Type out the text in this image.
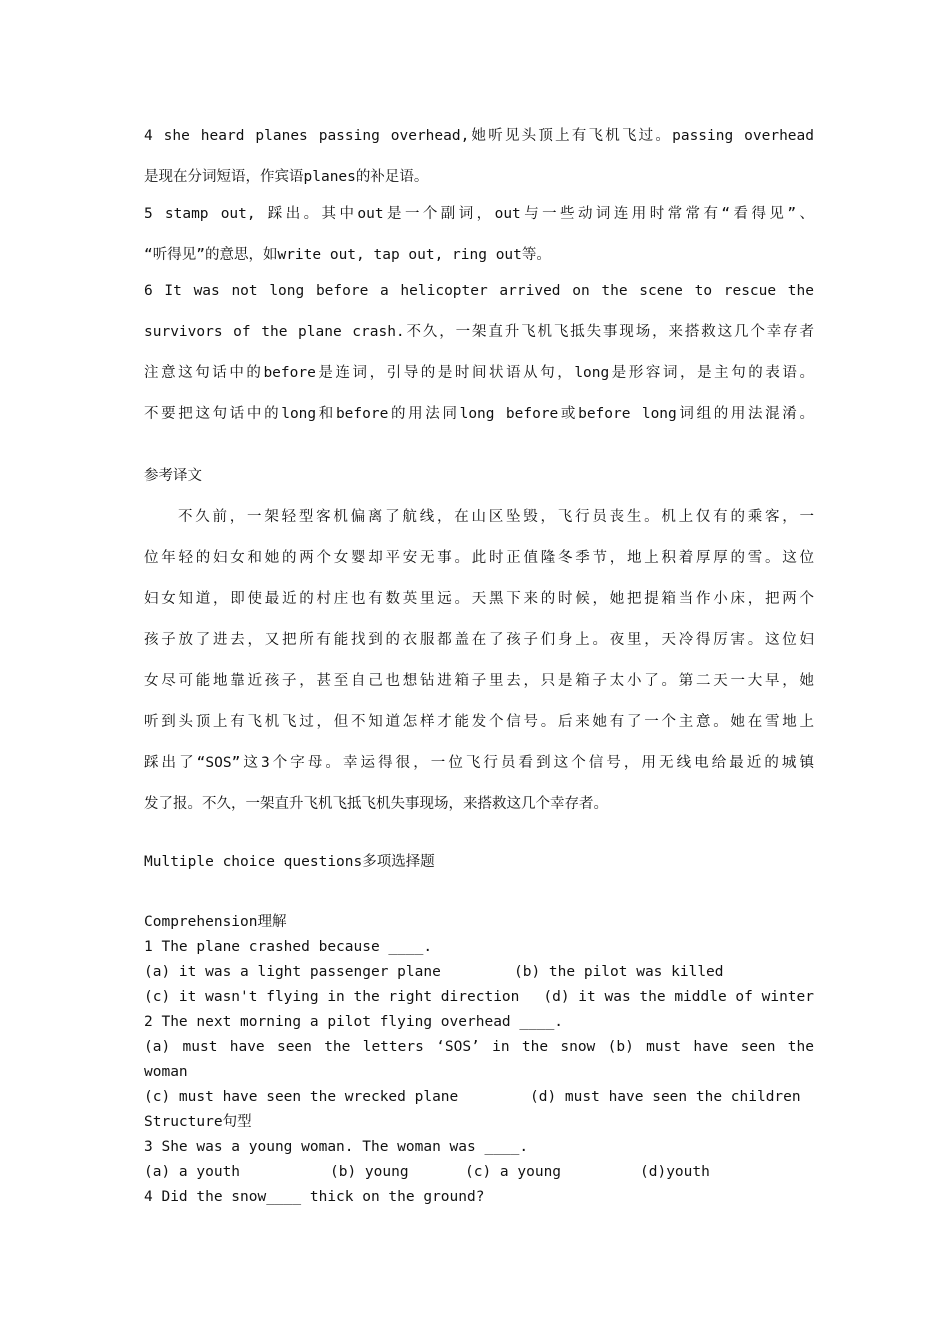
4 she heard planes passing overhead,她听见头顶上有飞机飞过。passing overhead
是现在分词短语，作宾语planes的补足语。
5 stamp out, 踩出。其中out是一个副词，out与一些动词连用时常常有“看得见”、
“听得见”的意思，如write out, tap out, ring out等。
6 It was not long before a helicopter arrived on the scene to rescue the
survivors of the plane crash.不久，一架直升飞机飞抵失事现场，来搭救这几个幸存者
注意这句话中的before是连词，引导的是时间状语从句，long是形容词，是主句的表语。
不要把这句话中的long和before的用法同long before或before long词组的用法混淆。
参考译文
不久前，一架轻型客机偏离了航线，在山区坠毁，飞行员丧生。机上仅有的乘客，一
位年轻的妇女和她的两个女婴却平安无事。此时正值隆冬季节，地上积着厚厚的雪。这位
妇女知道，即使最近的村庄也有数英里远。天黑下来的时候，她把提箱当作小床，把两个
孩子放了进去，又把所有能找到的衣服都盖在了孩子们身上。夜里，天冷得厉害。这位妇
女尽可能地靠近孩子，甚至自己也想钻进箱子里去，只是箱子太小了。第二天一大早，她
听到头顶上有飞机飞过，但不知道怎样才能发个信号。后来她有了一个主意。她在雪地上
踩出了“SOS”这3个字母。幸运得很，一位飞行员看到这个信号，用无线电给最近的城镇
发了报。不久，一架直升飞机飞抵飞机失事现场，来搭救这几个幸存者。
Multiple choice questions多项选择题
Comprehension理解
1 The plane crashed because ____.
(a) it was a light passenger plane	(b) the pilot was killed
(c) it wasn't flying in the right direction (d) it was the middle of winter
2 The next morning a pilot flying overhead ____.
(a) must have seen the letters ‘SOS’ in the snow (b) must have seen the
woman
(c) must have seen the wrecked plane	(d) must have seen the children
Structure句型
3 She was a young woman. The woman was ____.
(a) a youth	(b) young	(c) a young	(d)youth
4 Did the snow____ thick on the ground?
